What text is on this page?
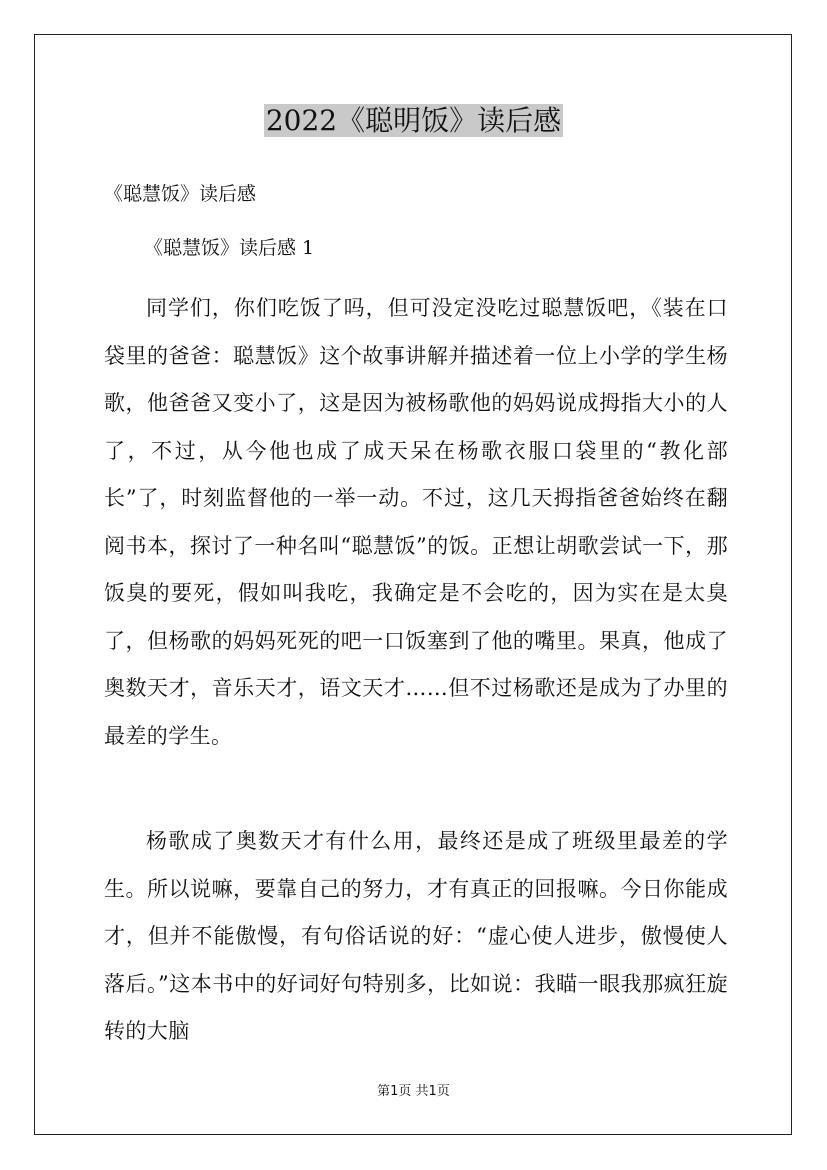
2022《聪明饭》读后感

《聪慧饭》读后感

《聪慧饭》读后感 1

同学们，你们吃饭了吗，但可没定没吃过聪慧饭吧，《装在口袋里的爸爸：聪慧饭》这个故事讲解并描述着一位上小学的学生杨歌，他爸爸又变小了，这是因为被杨歌他的妈妈说成拇指大小的人了，不过，从今他也成了成天呆在杨歌衣服口袋里的“教化部长”了，时刻监督他的一举一动。不过，这几天拇指爸爸始终在翻阅书本，探讨了一种名叫“聪慧饭”的饭。正想让胡歌尝试一下，那饭臭的要死，假如叫我吃，我确定是不会吃的，因为实在是太臭了，但杨歌的妈妈死死的吧一口饭塞到了他的嘴里。果真，他成了奥数天才，音乐天才，语文天才……但不过杨歌还是成为了办里的最差的学生。

杨歌成了奥数天才有什么用，最终还是成了班级里最差的学生。所以说嘛，要靠自己的努力，才有真正的回报嘛。今日你能成才，但并不能傲慢，有句俗话说的好：“虚心使人进步，傲慢使人落后。”这本书中的好词好句特别多，比如说：我瞄一眼我那疯狂旋转的大脑

第1页 共1页
